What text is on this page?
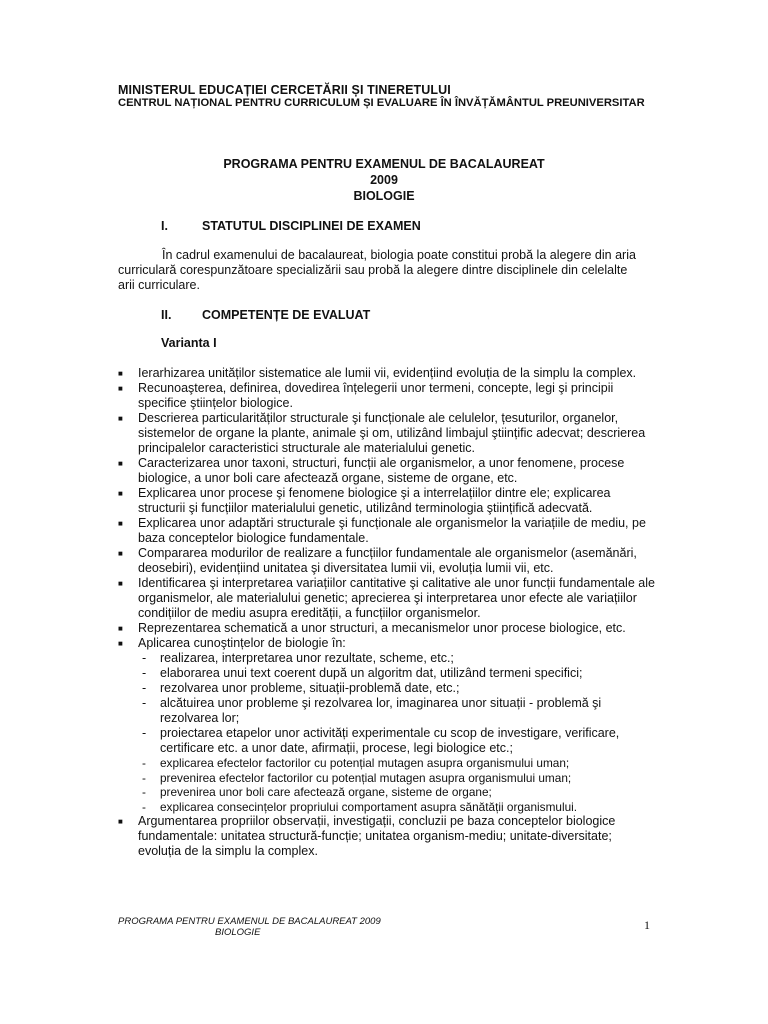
MINISTERUL EDUCAȚIEI CERCETĂRII ȘI TINERETULUI
CENTRUL NAȚIONAL PENTRU CURRICULUM ȘI EVALUARE ÎN ÎNVĂȚĂMÂNTUL PREUNIVERSITAR
PROGRAMA PENTRU EXAMENUL DE BACALAUREAT
2009
BIOLOGIE
I.	STATUTUL DISCIPLINEI DE EXAMEN
În cadrul examenului de bacalaureat, biologia poate constitui probă la alegere din aria curriculară corespunzătoare specializării sau probă la alegere dintre disciplinele din celelalte arii curriculare.
II. COMPETENȚE DE EVALUAT
Varianta I
■	Ierarhizarea unităților sistematice ale lumii vii, evidențiind evoluția de la simplu la complex.
■	Recunoaşterea, definirea, dovedirea înțelegerii unor termeni, concepte, legi şi principii specifice ştiințelor biologice.
■	Descrierea particularităților structurale şi funcționale ale celulelor, țesuturilor, organelor, sistemelor de organe la plante, animale şi om, utilizând limbajul ştiințific adecvat; descrierea principalelor caracteristici structurale ale materialului genetic.
■	Caracterizarea unor taxoni, structuri, funcții ale organismelor, a unor fenomene, procese biologice, a unor boli care afectează organe, sisteme de organe, etc.
■	Explicarea unor procese şi fenomene biologice şi a interrelațiilor dintre ele; explicarea structurii şi funcțiilor materialului genetic, utilizând terminologia ştiințifică adecvată.
■	Explicarea unor adaptări structurale şi funcționale ale organismelor la variațiile de mediu, pe baza conceptelor biologice fundamentale.
■	Compararea modurilor de realizare a funcțiilor fundamentale ale organismelor (asemănări, deosebiri), evidențiind unitatea şi diversitatea lumii vii, evoluția lumii vii, etc.
■	Identificarea şi interpretarea variațiilor cantitative şi calitative ale unor funcții fundamentale ale organismelor, ale materialului genetic; aprecierea şi interpretarea unor efecte ale variațiilor condițiilor de mediu asupra eredității, a funcțiilor organismelor.
■	Reprezentarea schematică a unor structuri, a mecanismelor unor procese biologice, etc.
■	Aplicarea cunoştințelor de biologie în:
- realizarea, interpretarea unor rezultate, scheme, etc.;
- elaborarea unui text coerent după un algoritm dat, utilizând termeni specifici;
- rezolvarea unor probleme, situații-problemă date, etc.;
- alcătuirea unor probleme şi rezolvarea lor, imaginarea unor situații - problemă şi rezolvarea lor;
- proiectarea etapelor unor activități experimentale cu scop de investigare, verificare, certificare etc. a unor date, afirmații, procese, legi biologice etc.;
- explicarea efectelor factorilor cu potențial mutagen asupra organismului uman;
- prevenirea efectelor factorilor cu potențial mutagen asupra organismului uman;
- prevenirea unor boli care afectează organe, sisteme de organe;
- explicarea consecințelor propriului comportament asupra sănătății organismului.
■	Argumentarea propriilor observații, investigații, concluzii pe baza conceptelor biologice fundamentale: unitatea structură-funcție; unitatea organism-mediu; unitate-diversitate; evoluția de la simplu la complex.
PROGRAMA PENTRU EXAMENUL DE BACALAUREAT 2009
BIOLOGIE
1
